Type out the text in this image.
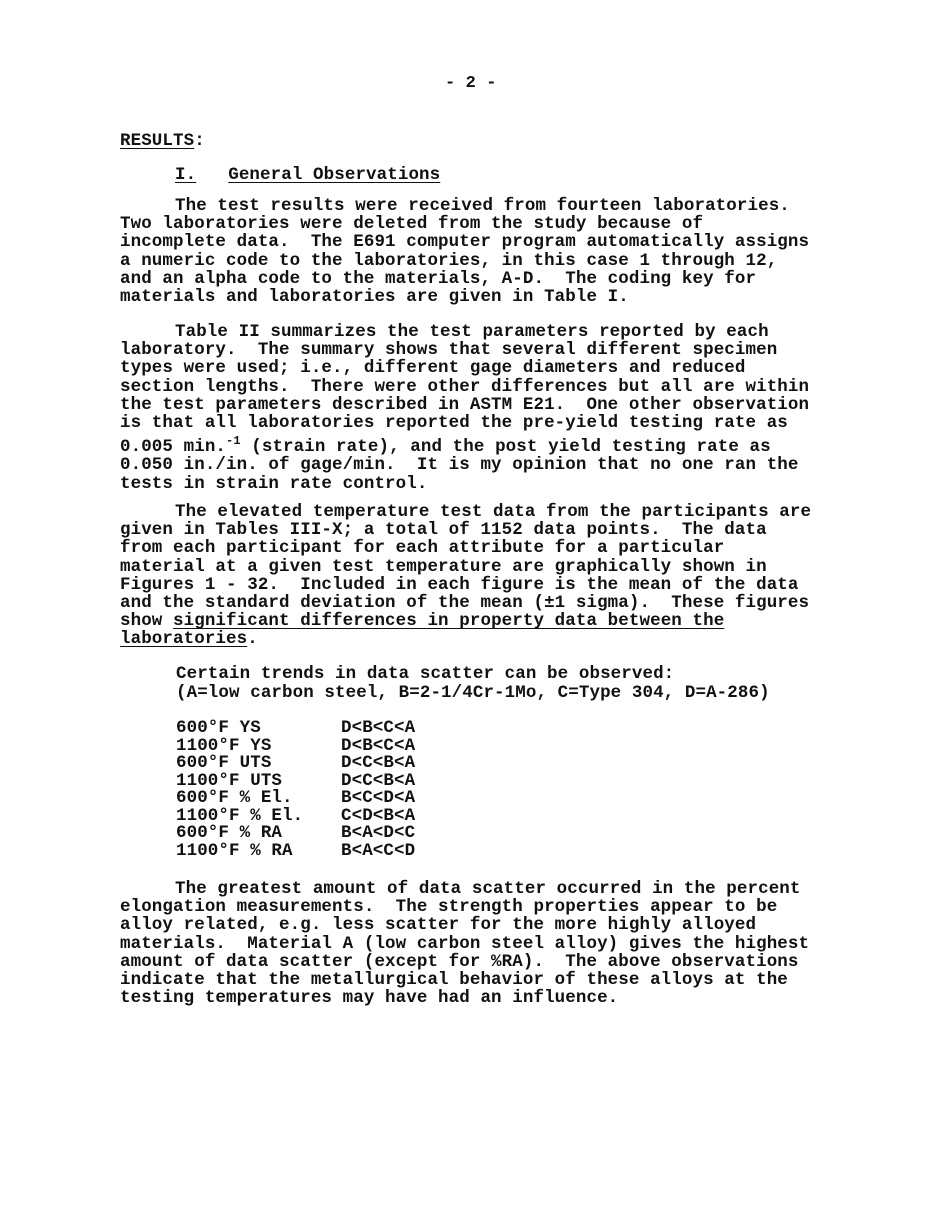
- 2 -
RESULTS:
I. General Observations
The test results were received from fourteen laboratories.
Two laboratories were deleted from the study because of
incomplete data.  The E691 computer program automatically assigns
a numeric code to the laboratories, in this case 1 through 12,
and an alpha code to the materials, A-D.  The coding key for
materials and laboratories are given in Table I.
Table II summarizes the test parameters reported by each
laboratory.  The summary shows that several different specimen
types were used; i.e., different gage diameters and reduced
section lengths.  There were other differences but all are within
the test parameters described in ASTM E21.  One other observation
is that all laboratories reported the pre-yield testing rate as
0.005 min.$^{-1}$ (strain rate), and the post yield testing rate as
0.050 in./in. of gage/min.  It is my opinion that no one ran the
tests in strain rate control.
The elevated temperature test data from the participants are
given in Tables III-X; a total of 1152 data points.  The data
from each participant for each attribute for a particular
material at a given test temperature are graphically shown in
Figures 1 - 32.  Included in each figure is the mean of the data
and the standard deviation of the mean (±1 sigma).  These figures
show significant differences in property data between the
laboratories.
Certain trends in data scatter can be observed:
(A=low carbon steel, B=2-1/4Cr-1Mo, C=Type 304, D=A-286)
600°F YS	D<B<C<A
1100°F YS	D<B<C<A
600°F UTS	D<C<B<A
1100°F UTS	D<C<B<A
600°F % El.	B<C<D<A
1100°F % El.	C<D<B<A
600°F % RA	B<A<D<C
1100°F % RA	B<A<C<D
The greatest amount of data scatter occurred in the percent
elongation measurements.  The strength properties appear to be
alloy related, e.g. less scatter for the more highly alloyed
materials.  Material A (low carbon steel alloy) gives the highest
amount of data scatter (except for %RA).  The above observations
indicate that the metallurgical behavior of these alloys at the
testing temperatures may have had an influence.
